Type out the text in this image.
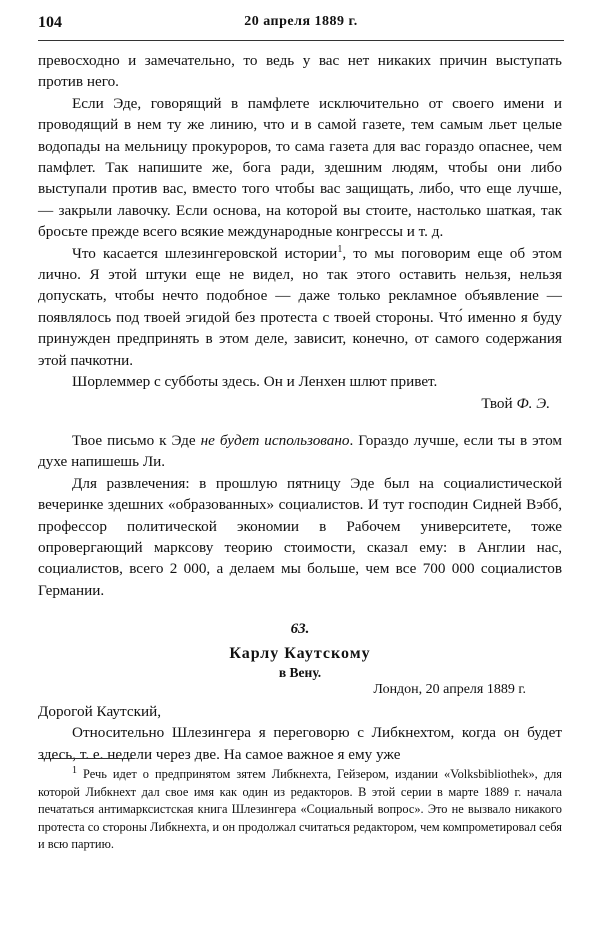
104	20 апреля 1889 г.

превосходно и замечательно, то ведь у вас нет никаких причин выступать против него.

Если Эде, говорящий в памфлете исключительно от своего имени и проводящий в нем ту же линию, что и в самой газете, тем самым льет целые водопады на мельницу прокуроров, то сама газета для вас гораздо опаснее, чем памфлет. Так напишите же, бога ради, здешним людям, чтобы они либо выступали против вас, вместо того чтобы вас защищать, либо, что еще лучше, — закрыли лавочку. Если основа, на которой вы стоите, настолько шаткая, так бросьте прежде всего всякие международные конгрессы и т. д.

Что касается шлезингеровской истории$^1$, то мы поговорим еще об этом лично. Я этой штуки еще не видел, но так этого оставить нельзя, нельзя допускать, чтобы нечто подобное — даже только рекламное объявление — появлялось под твоей эгидой без протеста с твоей стороны. Что́ именно я буду принужден предпринять в этом деле, зависит, конечно, от самого содержания этой пачкотни.

Шорлеммер с субботы здесь. Он и Ленхен шлют привет.

Твой Ф. Э.

Твое письмо к Эде не будет использовано. Гораздо лучше, если ты в этом духе напишешь Ли.

Для развлечения: в прошлую пятницу Эде был на социалистической вечеринке здешних «образованных» социалистов. И тут господин Сидней Вэбб, профессор политической экономии в Рабочем университете, тоже опровергающий марксову теорию стоимости, сказал ему: в Англии нас, социалистов, всего 2 000, а делаем мы больше, чем все 700 000 социалистов Германии.

63.

Карлу Каутскому

в Вену.

Лондон, 20 апреля 1889 г.

Дорогой Каутский,

Относительно Шлезингера я переговорю с Либкнехтом, когда он будет здесь, т. е. недели через две. На самое важное я ему уже

$^1$ Речь идет о предпринятом зятем Либкнехта, Гейзером, издании «Volksbibliothek», для которой Либкнехт дал свое имя как один из редакторов. В этой серии в марте 1889 г. начала печататься антимарксистская книга Шлезингера «Социальный вопрос». Это не вызвало никакого протеста со стороны Либкнехта, и он продолжал считаться редактором, чем компрометировал себя и всю партию.
